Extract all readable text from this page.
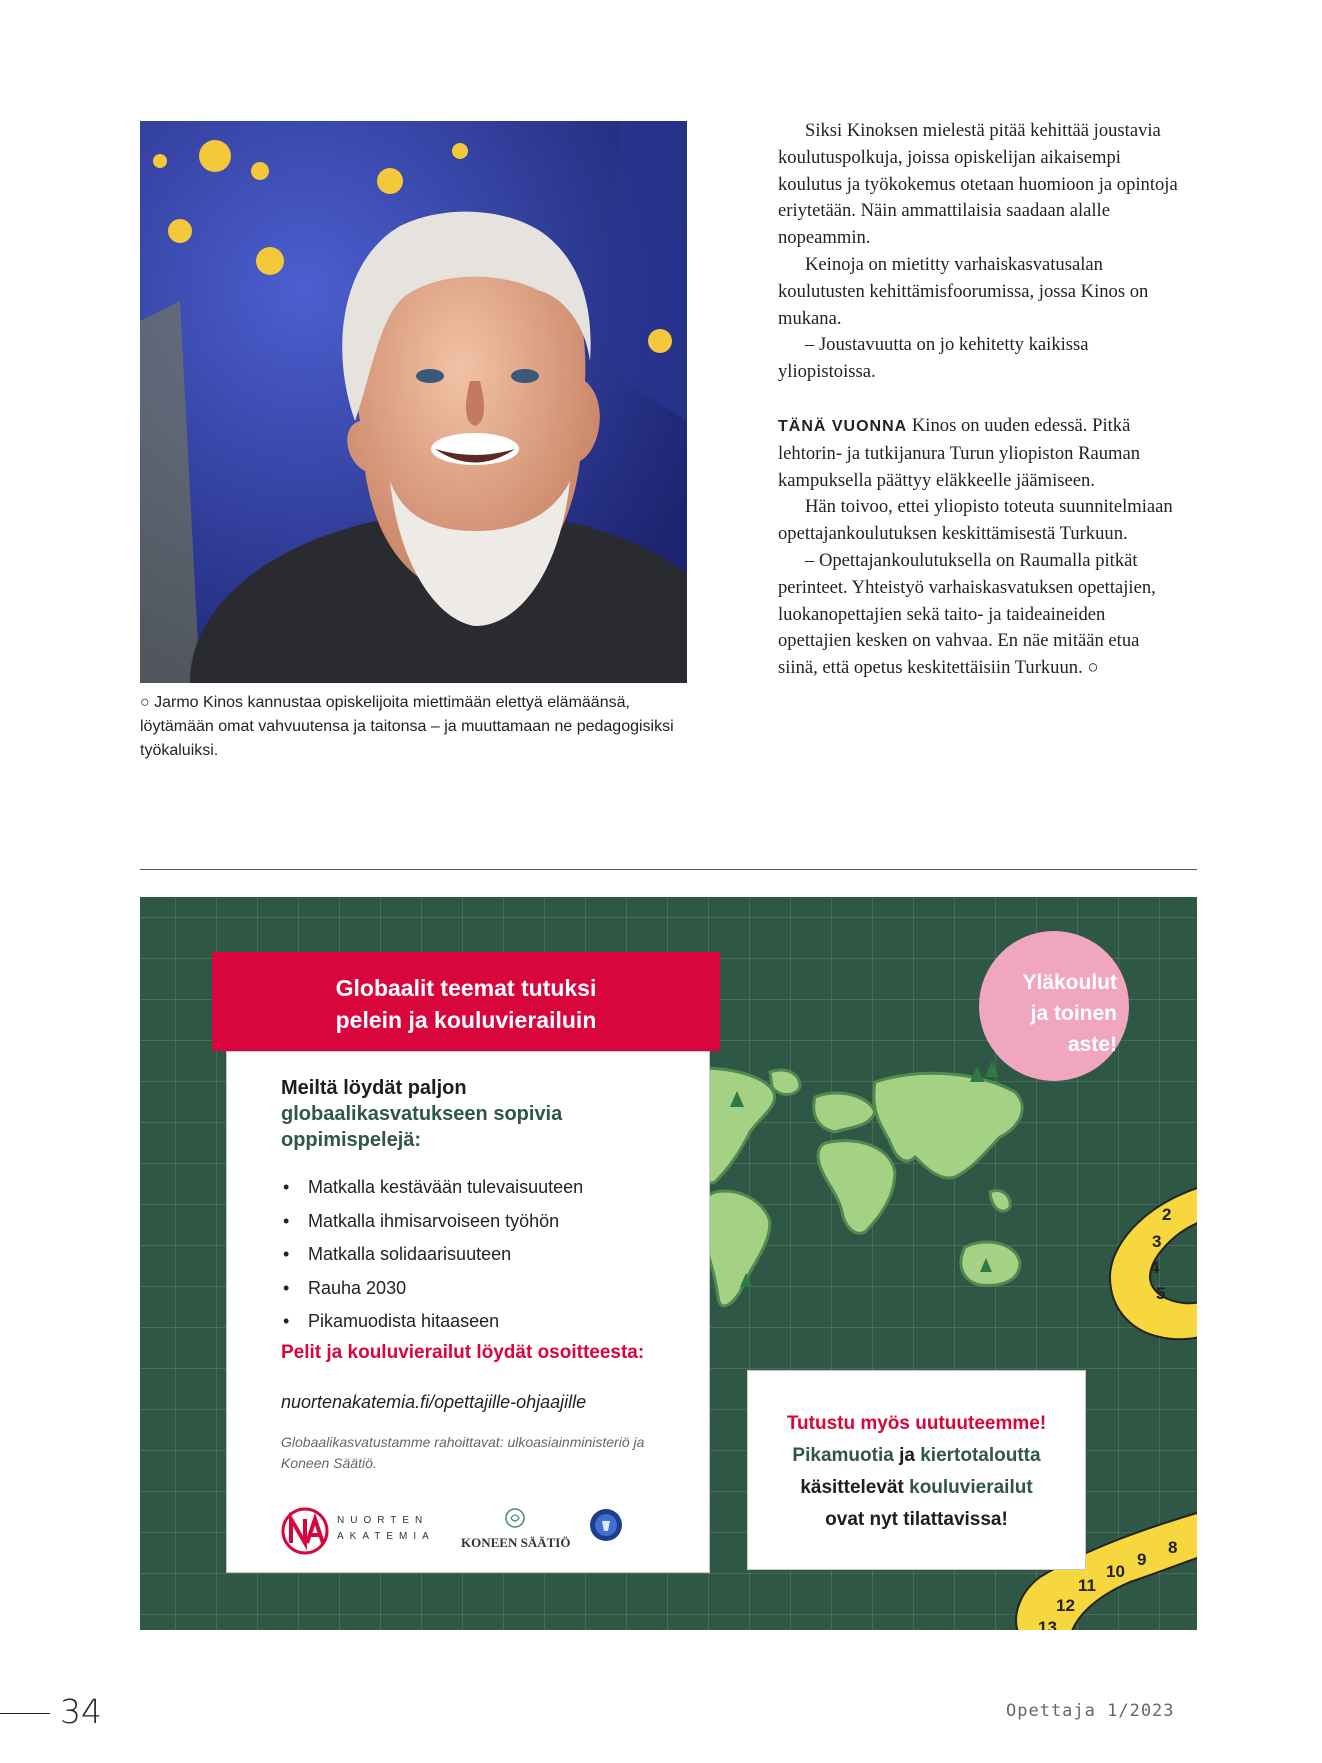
○ Jarmo Kinos kannustaa opiskelijoita miettimään elettyä elämäänsä, löytämään omat vahvuutensa ja taitonsa – ja muuttamaan ne pedagogisiksi työkaluiksi.

Siksi Kinoksen mielestä pitää kehittää joustavia koulutuspolkuja, joissa opiskelijan aikaisempi koulutus ja työkokemus otetaan huomioon ja opintoja eriytetään. Näin ammattilaisia saadaan alalle nopeammin.

Keinoja on mietitty varhaiskasvatusalan koulutusten kehittämisfoorumissa, jossa Kinos on mukana.

– Joustavuutta on jo kehitetty kaikissa yliopistoissa.

TÄNÄ VUONNA Kinos on uuden edessä. Pitkä lehtorin- ja tutkijanura Turun yliopiston Rauman kampuksella päättyy eläkkeelle jäämiseen.

Hän toivoo, ettei yliopisto toteuta suunnitelmiaan opettajankoulutuksen keskittämisestä Turkuun.

– Opettajankoulutuksella on Raumalla pitkät perinteet. Yhteistyö varhaiskasvatuksen opettajien, luokanopettajien sekä taito- ja taideaineiden opettajien kesken on vahvaa. En näe mitään etua siinä, että opetus keskitettäisiin Turkuun. ○

2
3
4
5
8
9
10
11
12
13
Meiltä löydät paljon
globaalikasvatukseen sopivia oppimispelejä:
• Matkalla kestävään tulevaisuuteen
• Matkalla ihmisarvoiseen työhön
• Matkalla solidaarisuuteen
• Rauha 2030
• Pikamuodista hitaaseen
Pelit ja kouluvierailut löydät osoitteesta:
nuortenakatemia.fi/opettajille-ohjaajille
Globaalikasvatustamme rahoittavat: ulkoasiainministeriö ja Koneen Säätiö.
NUORTEN
AKATEMIA KONEEN SÄÄTIÖ
Globaalit teemat tutuksi
pelein ja kouluvierailuin
Yläkoulut
ja toinen
aste!
Tutustu myös uutuuteemme!
Pikamuotia ja kiertotaloutta
käsittelevät kouluvierailut
ovat nyt tilattavissa!
34	Opettaja 1/2023
